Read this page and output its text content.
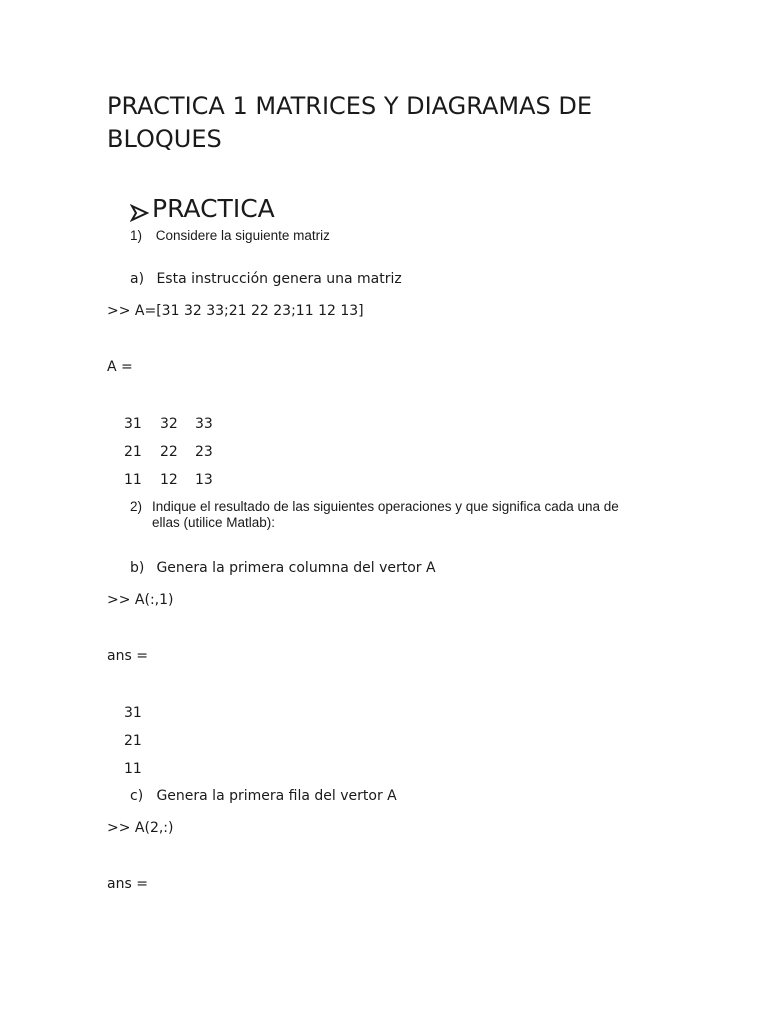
PRACTICA 1 MATRICES Y DIAGRAMAS DE BLOQUES
PRACTICA
1) Considere la siguiente matriz
a) Esta instrucción genera una matriz
>> A=[31 32 33;21 22 23;11 12 13]
A =
31 32 33
21 22 23
11 12 13
2) Indique el resultado de las siguientes operaciones y que significa cada una de ellas (utilice Matlab):
b) Genera la primera columna del vertor A
>> A(:,1)
ans =
31
21
11
c) Genera la primera fila del vertor A
>> A(2,:)
ans =
